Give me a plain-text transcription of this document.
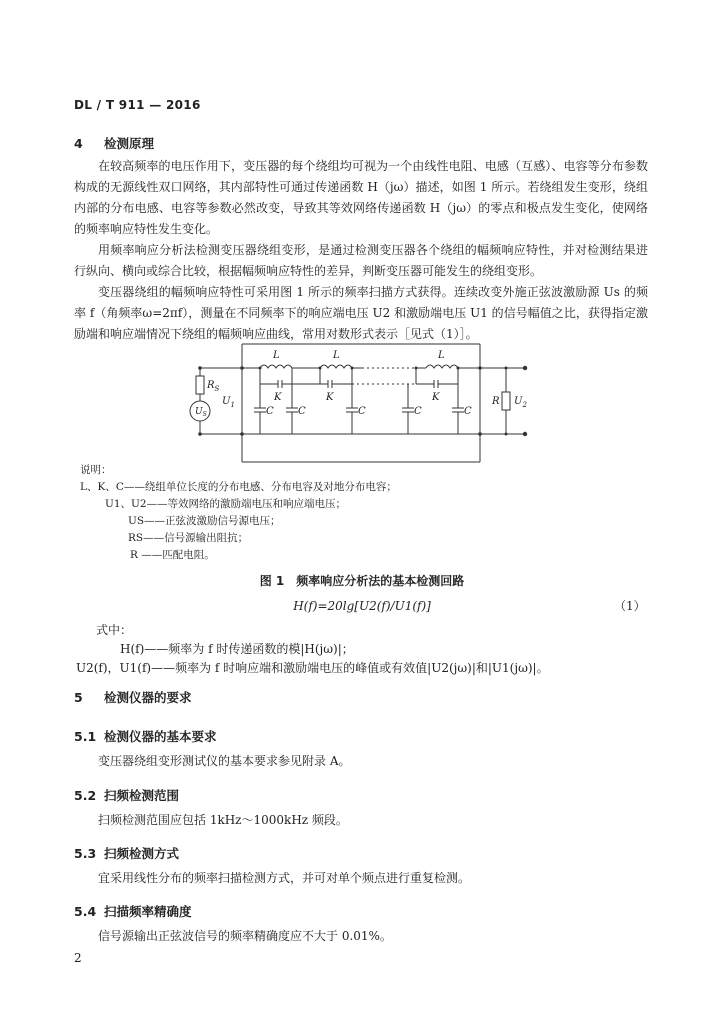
DL / T 911 — 2016
4 检测原理
在较高频率的电压作用下，变压器的每个绕组均可视为一个由线性电阻、电感（互感）、电容等分布参数构成的无源线性双口网络，其内部特性可通过传递函数 H（jω）描述，如图 1 所示。若绕组发生变形，绕组内部的分布电感、电容等参数必然改变，导致其等效网络传递函数 H（jω）的零点和极点发生变化，使网络的频率响应特性发生变化。
用频率响应分析法检测变压器绕组变形，是通过检测变压器各个绕组的幅频响应特性，并对检测结果进行纵向、横向或综合比较，根据幅频响应特性的差异，判断变压器可能发生的绕组变形。
变压器绕组的幅频响应特性可采用图 1 所示的频率扫描方式获得。连续改变外施正弦波激励源 Us 的频率 f（角频率ω=2πf），测量在不同频率下的响应端电压 U2 和激励端电压 U1 的信号幅值之比，获得指定激励端和响应端情况下绕组的幅频响应曲线，常用对数形式表示［见式（1）］。
L	L	L
K	K	K
C C	C	C	C
$R_S$
$U_S$
$U_1$	R $U_2$
说明：
L、K、C——绕组单位长度的分布电感、分布电容及对地分布电容；
U1、U2——等效网络的激励端电压和响应端电压；
US——正弦波激励信号源电压；
RS——信号源输出阻抗；
R ——匹配电阻。
图 1　频率响应分析法的基本检测回路
H(f)=20lg[U2(f)/U1(f)]	（1）
式中：
H(f)——频率为 f 时传递函数的模|H(jω)|；
U2(f)，U1(f)——频率为 f 时响应端和激励端电压的峰值或有效值|U2(jω)|和|U1(jω)|。
5 检测仪器的要求
5.1 检测仪器的基本要求
变压器绕组变形测试仪的基本要求参见附录 A。
5.2 扫频检测范围
扫频检测范围应包括 1kHz～1000kHz 频段。
5.3 扫频检测方式
宜采用线性分布的频率扫描检测方式，并可对单个频点进行重复检测。
5.4 扫描频率精确度
信号源输出正弦波信号的频率精确度应不大于 0.01%。
2
